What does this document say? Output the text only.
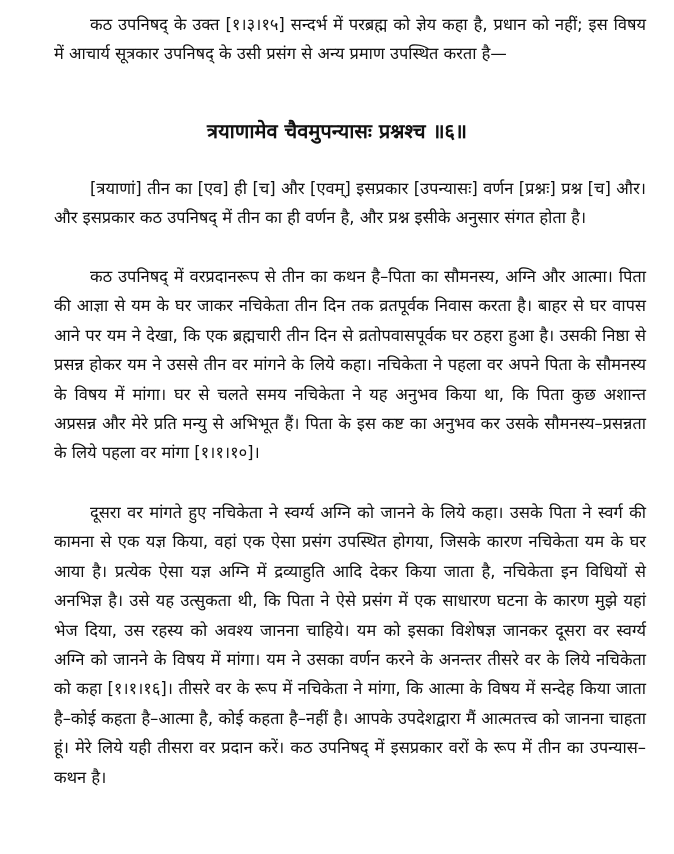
कठ उपनिषद् के उक्त [१।३।१५] सन्दर्भ में परब्रह्म को ज्ञेय कहा है, प्रधान को नहीं; इस विषय में आचार्य सूत्रकार उपनिषद् के उसी प्रसंग से अन्य प्रमाण उपस्थित करता है—

त्रयाणामेव चैवमुपन्यासः प्रश्नश्च ॥६॥

[त्रयाणां] तीन का [एव] ही [च] और [एवम्] इसप्रकार [उपन्यासः] वर्णन [प्रश्नः] प्रश्न [च] और। और इसप्रकार कठ उपनिषद् में तीन का ही वर्णन है, और प्रश्न इसीके अनुसार संगत होता है।

कठ उपनिषद् में वरप्रदानरूप से तीन का कथन है–पिता का सौमनस्य, अग्नि और आत्मा। पिता की आज्ञा से यम के घर जाकर नचिकेता तीन दिन तक व्रतपूर्वक निवास करता है। बाहर से घर वापस आने पर यम ने देखा, कि एक ब्रह्मचारी तीन दिन से व्रतोपवासपूर्वक घर ठहरा हुआ है। उसकी निष्ठा से प्रसन्न होकर यम ने उससे तीन वर मांगने के लिये कहा। नचिकेता ने पहला वर अपने पिता के सौमनस्य के विषय में मांगा। घर से चलते समय नचिकेता ने यह अनुभव किया था, कि पिता कुछ अशान्त अप्रसन्न और मेरे प्रति मन्यु से अभिभूत हैं। पिता के इस कष्ट का अनुभव कर उसके सौमनस्य–प्रसन्नता के लिये पहला वर मांगा [१।१।१०]।

दूसरा वर मांगते हुए नचिकेता ने स्वर्ग्य अग्नि को जानने के लिये कहा। उसके पिता ने स्वर्ग की कामना से एक यज्ञ किया, वहां एक ऐसा प्रसंग उपस्थित होगया, जिसके कारण नचिकेता यम के घर आया है। प्रत्येक ऐसा यज्ञ अग्नि में द्रव्याहुति आदि देकर किया जाता है, नचिकेता इन विधियों से अनभिज्ञ है। उसे यह उत्सुकता थी, कि पिता ने ऐसे प्रसंग में एक साधारण घटना के कारण मुझे यहां भेज दिया, उस रहस्य को अवश्य जानना चाहिये। यम को इसका विशेषज्ञ जानकर दूसरा वर स्वर्ग्य अग्नि को जानने के विषय में मांगा। यम ने उसका वर्णन करने के अनन्तर तीसरे वर के लिये नचिकेता को कहा [१।१।१६]। तीसरे वर के रूप में नचिकेता ने मांगा, कि आत्मा के विषय में सन्देह किया जाता है–कोई कहता है–आत्मा है, कोई कहता है–नहीं है। आपके उपदेशद्वारा मैं आत्मतत्त्व को जानना चाहता हूं। मेरे लिये यही तीसरा वर प्रदान करें। कठ उपनिषद् में इसप्रकार वरों के रूप में तीन का उपन्यास–कथन है।
